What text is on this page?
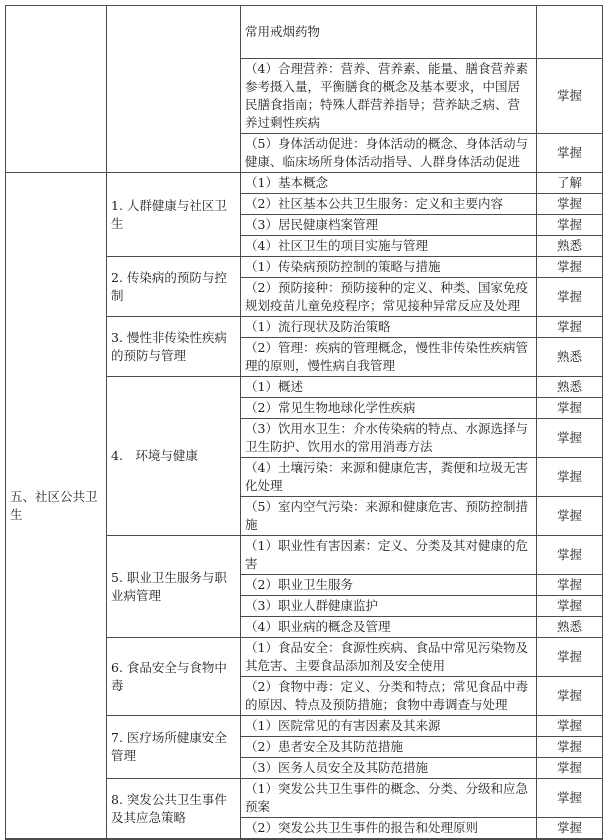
		常用戒烟药物	
		（4）合理营养：营养、营养素、能量、膳食营养素参考摄入量，平衡膳食的概念及基本要求，中国居民膳食指南；特殊人群营养指导；营养缺乏病、营养过剩性疾病	掌握
		（5）身体活动促进：身体活动的概念、身体活动与健康、临床场所身体活动指导、人群身体活动促进	掌握
五、社区公共卫生	1. 人群健康与社区卫生	（1）基本概念	了解
		（2）社区基本公共卫生服务：定义和主要内容	掌握
		（3）居民健康档案管理	掌握
		（4）社区卫生的项目实施与管理	熟悉
	2. 传染病的预防与控制	（1）传染病预防控制的策略与措施	掌握
		（2）预防接种：预防接种的定义、种类、国家免疫规划疫苗儿童免疫程序；常见接种异常反应及处理	掌握
	3. 慢性非传染性疾病的预防与管理	（1）流行现状及防治策略	掌握
		（2）管理：疾病的管理概念，慢性非传染性疾病管理的原则，慢性病自我管理	熟悉
	4.　环境与健康	（1）概述	熟悉
		（2）常见生物地球化学性疾病	掌握
		（3）饮用水卫生：介水传染病的特点、水源选择与卫生防护、饮用水的常用消毒方法	掌握
		（4）土壤污染：来源和健康危害，粪便和垃圾无害化处理	掌握
		（5）室内空气污染：来源和健康危害、预防控制措施	掌握
	5. 职业卫生服务与职业病管理	（1）职业性有害因素：定义、分类及其对健康的危害	掌握
		（2）职业卫生服务	掌握
		（3）职业人群健康监护	掌握
		（4）职业病的概念及管理	熟悉
	6. 食品安全与食物中毒	（1）食品安全：食源性疾病、食品中常见污染物及其危害、主要食品添加剂及安全使用	掌握
		（2）食物中毒：定义、分类和特点；常见食品中毒的原因、特点及预防措施；食物中毒调查与处理	掌握
	7. 医疗场所健康安全管理	（1）医院常见的有害因素及其来源	掌握
		（2）患者安全及其防范措施	掌握
		（3）医务人员安全及其防范措施	掌握
	8. 突发公共卫生事件及其应急策略	（1）突发公共卫生事件的概念、分类、分级和应急预案	掌握
		（2）突发公共卫生事件的报告和处理原则	掌握
